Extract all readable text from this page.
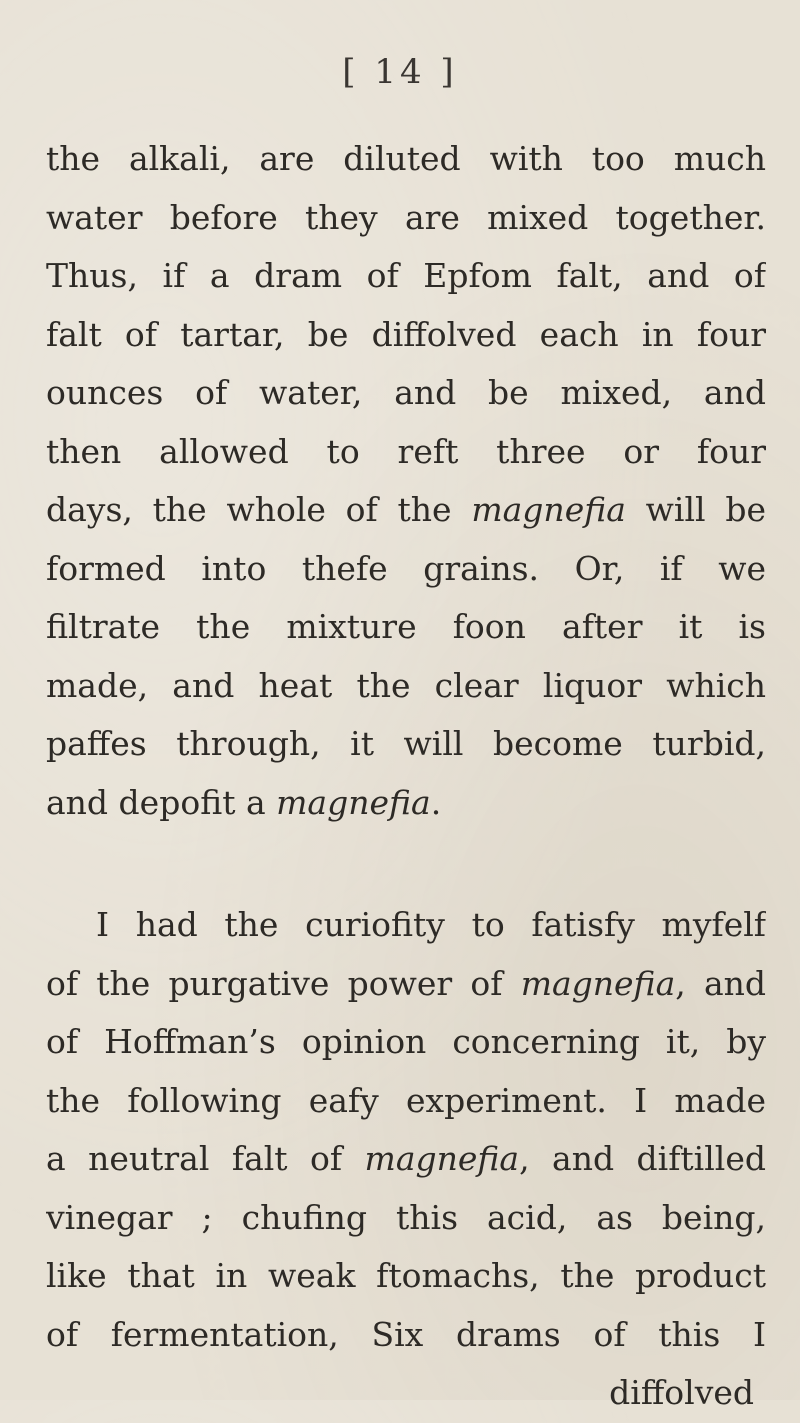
[ 14 ]
the alkali, are diluted with too much
water before they are mixed together.
Thus, if a dram of Epfom falt, and of
falt of tartar, be diffolved each in four
ounces of water, and be mixed, and
then allowed to reft three or four
days, the whole of the magnefia will be
formed into thefe grains. Or, if we
filtrate the mixture foon after it is
made, and heat the clear liquor which
paffes through, it will become turbid,
and depofit a magnefia.
I had the curiofity to fatisfy myfelf
of the purgative power of magnefia, and
of Hoffman’s opinion concerning it, by
the following eafy experiment. I made
a neutral falt of magnefia, and diftilled
vinegar ; chufing this acid, as being,
like that in weak ftomachs, the product
of fermentation, Six drams of this I
diffolved
